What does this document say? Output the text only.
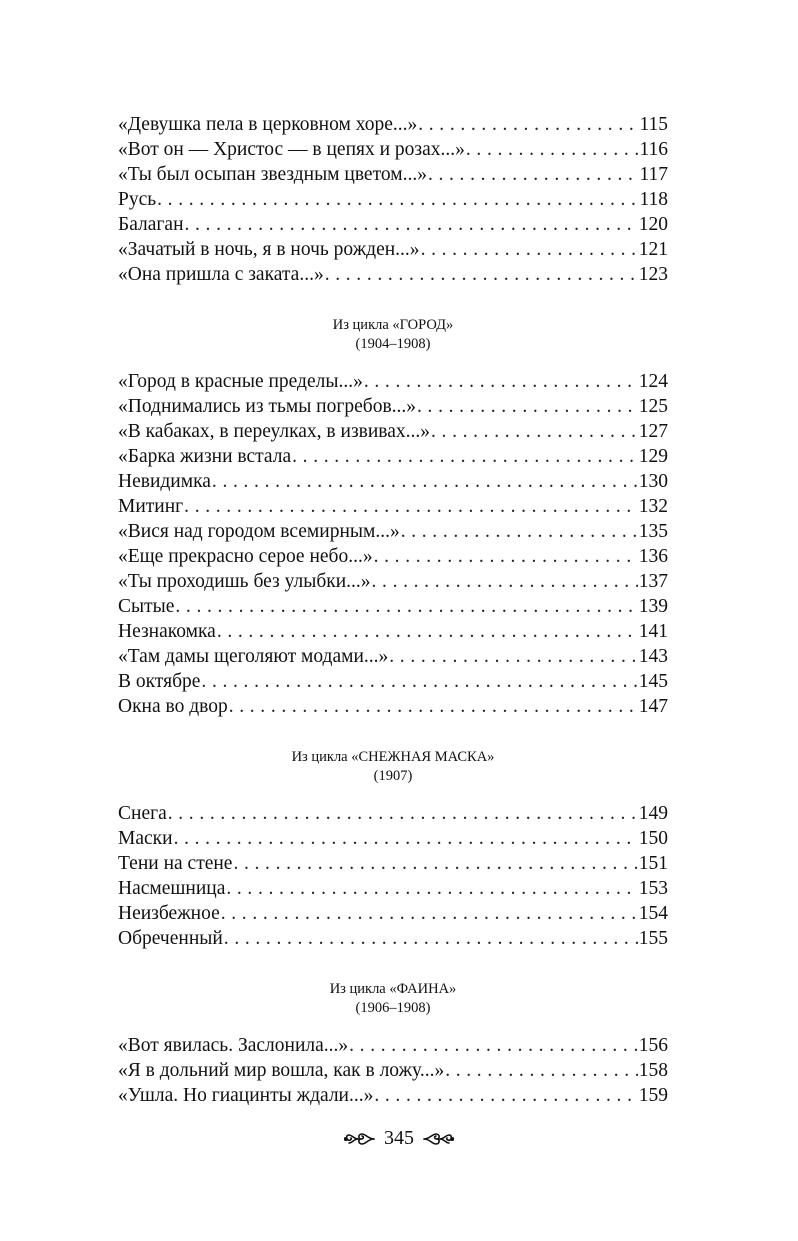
«Девушка пела в церковном хоре...» . . .	115
«Вот он — Христос — в цепях и розах...» . . .	116
«Ты был осыпан звездным цветом...» . . .	117
Русь . . .	118
Балаган . . .	120
«Зачатый в ночь, я в ночь рожден...» . . .	121
«Она пришла с заката...» . . .	123
Из цикла «ГОРОД»
(1904–1908)
«Город в красные пределы...» . . .	124
«Поднимались из тьмы погребов...» . . .	125
«В кабаках, в переулках, в извивах...» . . .	127
«Барка жизни встала . . .	129
Невидимка . . .	130
Митинг . . .	132
«Вися над городом всемирным...» . . .	135
«Еще прекрасно серое небо...» . . .	136
«Ты проходишь без улыбки...» . . .	137
Сытые . . .	139
Незнакомка . . .	141
«Там дамы щеголяют модами...» . . .	143
В октябре . . .	145
Окна во двор . . .	147
Из цикла «СНЕЖНАЯ МАСКА»
(1907)
Снега . . .	149
Маски . . .	150
Тени на стене . . .	151
Насмешница . . .	153
Неизбежное . . .	154
Обреченный . . .	155
Из цикла «ФАИНА»
(1906–1908)
«Вот явилась. Заслонила...» . . .	156
«Я в дольний мир вошла, как в ложу...» . . .	158
«Ушла. Но гиацинты ждали...» . . .	159
345
